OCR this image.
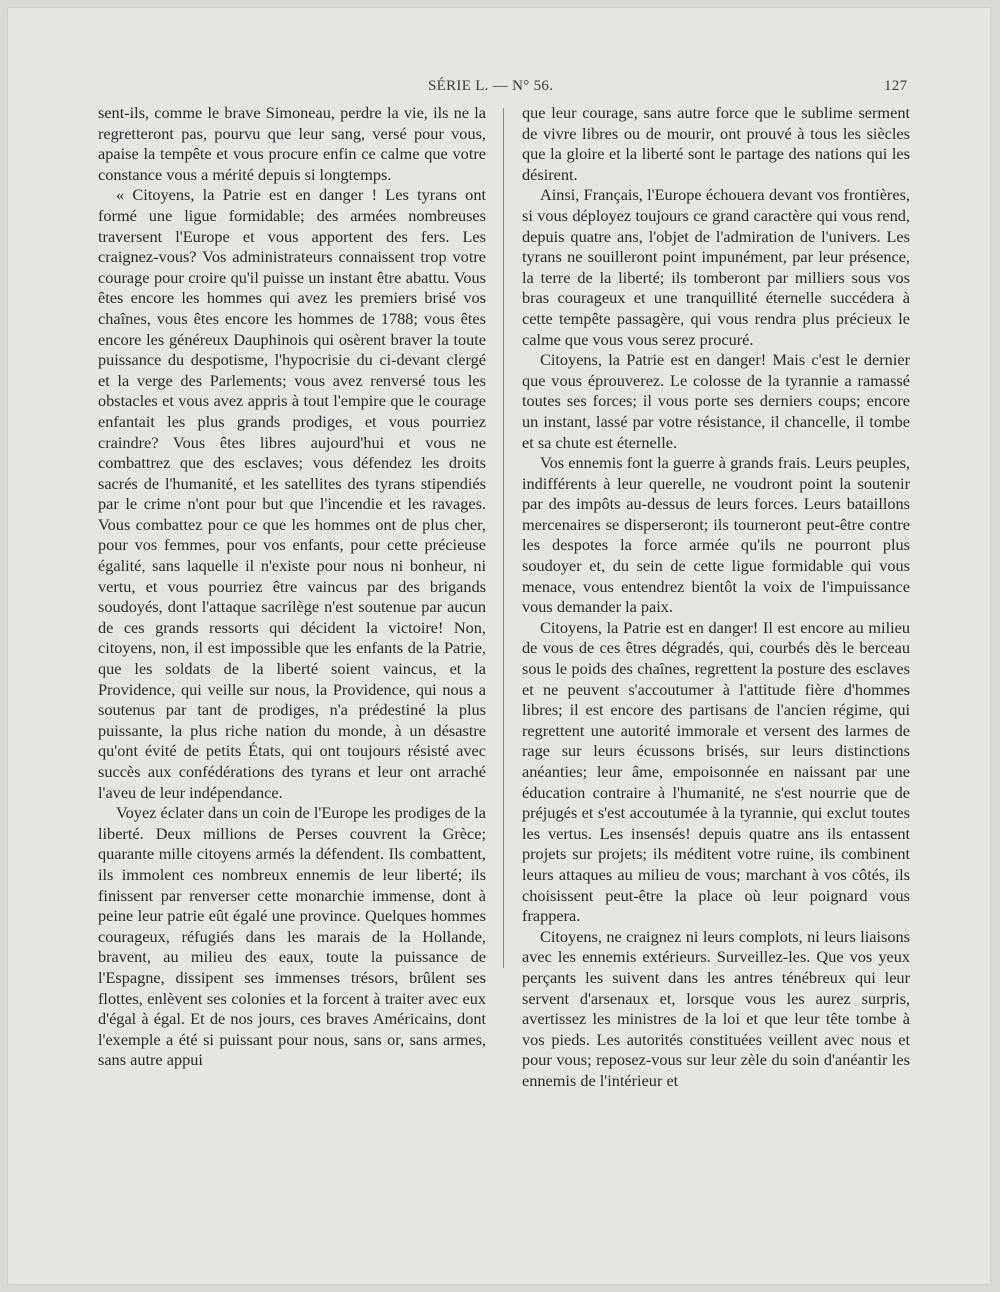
SÉRIE L. — N° 56.	127

sent-ils, comme le brave Simoneau, perdre la vie, ils ne la regretteront pas, pourvu que leur sang, versé pour vous, apaise la tempête et vous procure enfin ce calme que votre constance vous a mérité depuis si longtemps.

« Citoyens, la Patrie est en danger ! Les tyrans ont formé une ligue formidable; des armées nombreuses traversent l'Europe et vous apportent des fers. Les craignez-vous? Vos administrateurs connaissent trop votre courage pour croire qu'il puisse un instant être abattu. Vous êtes encore les hommes qui avez les premiers brisé vos chaînes, vous êtes encore les hommes de 1788; vous êtes encore les généreux Dauphinois qui osèrent braver la toute puissance du despotisme, l'hypocrisie du ci-devant clergé et la verge des Parlements; vous avez renversé tous les obstacles et vous avez appris à tout l'empire que le courage enfantait les plus grands prodiges, et vous pourriez craindre? Vous êtes libres aujourd'hui et vous ne combattrez que des esclaves; vous défendez les droits sacrés de l'humanité, et les satellites des tyrans stipendiés par le crime n'ont pour but que l'incendie et les ravages. Vous combattez pour ce que les hommes ont de plus cher, pour vos femmes, pour vos enfants, pour cette précieuse égalité, sans laquelle il n'existe pour nous ni bonheur, ni vertu, et vous pourriez être vaincus par des brigands soudoyés, dont l'attaque sacrilège n'est soutenue par aucun de ces grands ressorts qui décident la victoire! Non, citoyens, non, il est impossible que les enfants de la Patrie, que les soldats de la liberté soient vaincus, et la Providence, qui veille sur nous, la Providence, qui nous a soutenus par tant de prodiges, n'a prédestiné la plus puissante, la plus riche nation du monde, à un désastre qu'ont évité de petits États, qui ont toujours résisté avec succès aux confédérations des tyrans et leur ont arraché l'aveu de leur indépendance.

Voyez éclater dans un coin de l'Europe les prodiges de la liberté. Deux millions de Perses couvrent la Grèce; quarante mille citoyens armés la défendent. Ils combattent, ils immolent ces nombreux ennemis de leur liberté; ils finissent par renverser cette monarchie immense, dont à peine leur patrie eût égalé une province. Quelques hommes courageux, réfugiés dans les marais de la Hollande, bravent, au milieu des eaux, toute la puissance de l'Espagne, dissipent ses immenses trésors, brûlent ses flottes, enlèvent ses colonies et la forcent à traiter avec eux d'égal à égal. Et de nos jours, ces braves Américains, dont l'exemple a été si puissant pour nous, sans or, sans armes, sans autre appui

que leur courage, sans autre force que le sublime serment de vivre libres ou de mourir, ont prouvé à tous les siècles que la gloire et la liberté sont le partage des nations qui les désirent.

Ainsi, Français, l'Europe échouera devant vos frontières, si vous déployez toujours ce grand caractère qui vous rend, depuis quatre ans, l'objet de l'admiration de l'univers. Les tyrans ne souilleront point impunément, par leur présence, la terre de la liberté; ils tomberont par milliers sous vos bras courageux et une tranquillité éternelle succédera à cette tempête passagère, qui vous rendra plus précieux le calme que vous vous serez procuré.

Citoyens, la Patrie est en danger! Mais c'est le dernier que vous éprouverez. Le colosse de la tyrannie a ramassé toutes ses forces; il vous porte ses derniers coups; encore un instant, lassé par votre résistance, il chancelle, il tombe et sa chute est éternelle.

Vos ennemis font la guerre à grands frais. Leurs peuples, indifférents à leur querelle, ne voudront point la soutenir par des impôts au-dessus de leurs forces. Leurs bataillons mercenaires se disperseront; ils tourneront peut-être contre les despotes la force armée qu'ils ne pourront plus soudoyer et, du sein de cette ligue formidable qui vous menace, vous entendrez bientôt la voix de l'impuissance vous demander la paix.

Citoyens, la Patrie est en danger! Il est encore au milieu de vous de ces êtres dégradés, qui, courbés dès le berceau sous le poids des chaînes, regrettent la posture des esclaves et ne peuvent s'accoutumer à l'attitude fière d'hommes libres; il est encore des partisans de l'ancien régime, qui regrettent une autorité immorale et versent des larmes de rage sur leurs écussons brisés, sur leurs distinctions anéanties; leur âme, empoisonnée en naissant par une éducation contraire à l'humanité, ne s'est nourrie que de préjugés et s'est accoutumée à la tyrannie, qui exclut toutes les vertus. Les insensés! depuis quatre ans ils entassent projets sur projets; ils méditent votre ruine, ils combinent leurs attaques au milieu de vous; marchant à vos côtés, ils choisissent peut-être la place où leur poignard vous frappera.

Citoyens, ne craignez ni leurs complots, ni leurs liaisons avec les ennemis extérieurs. Surveillez-les. Que vos yeux perçants les suivent dans les antres ténébreux qui leur servent d'arsenaux et, lorsque vous les aurez surpris, avertissez les ministres de la loi et que leur tête tombe à vos pieds. Les autorités constituées veillent avec nous et pour vous; reposez-vous sur leur zèle du soin d'anéantir les ennemis de l'intérieur et
